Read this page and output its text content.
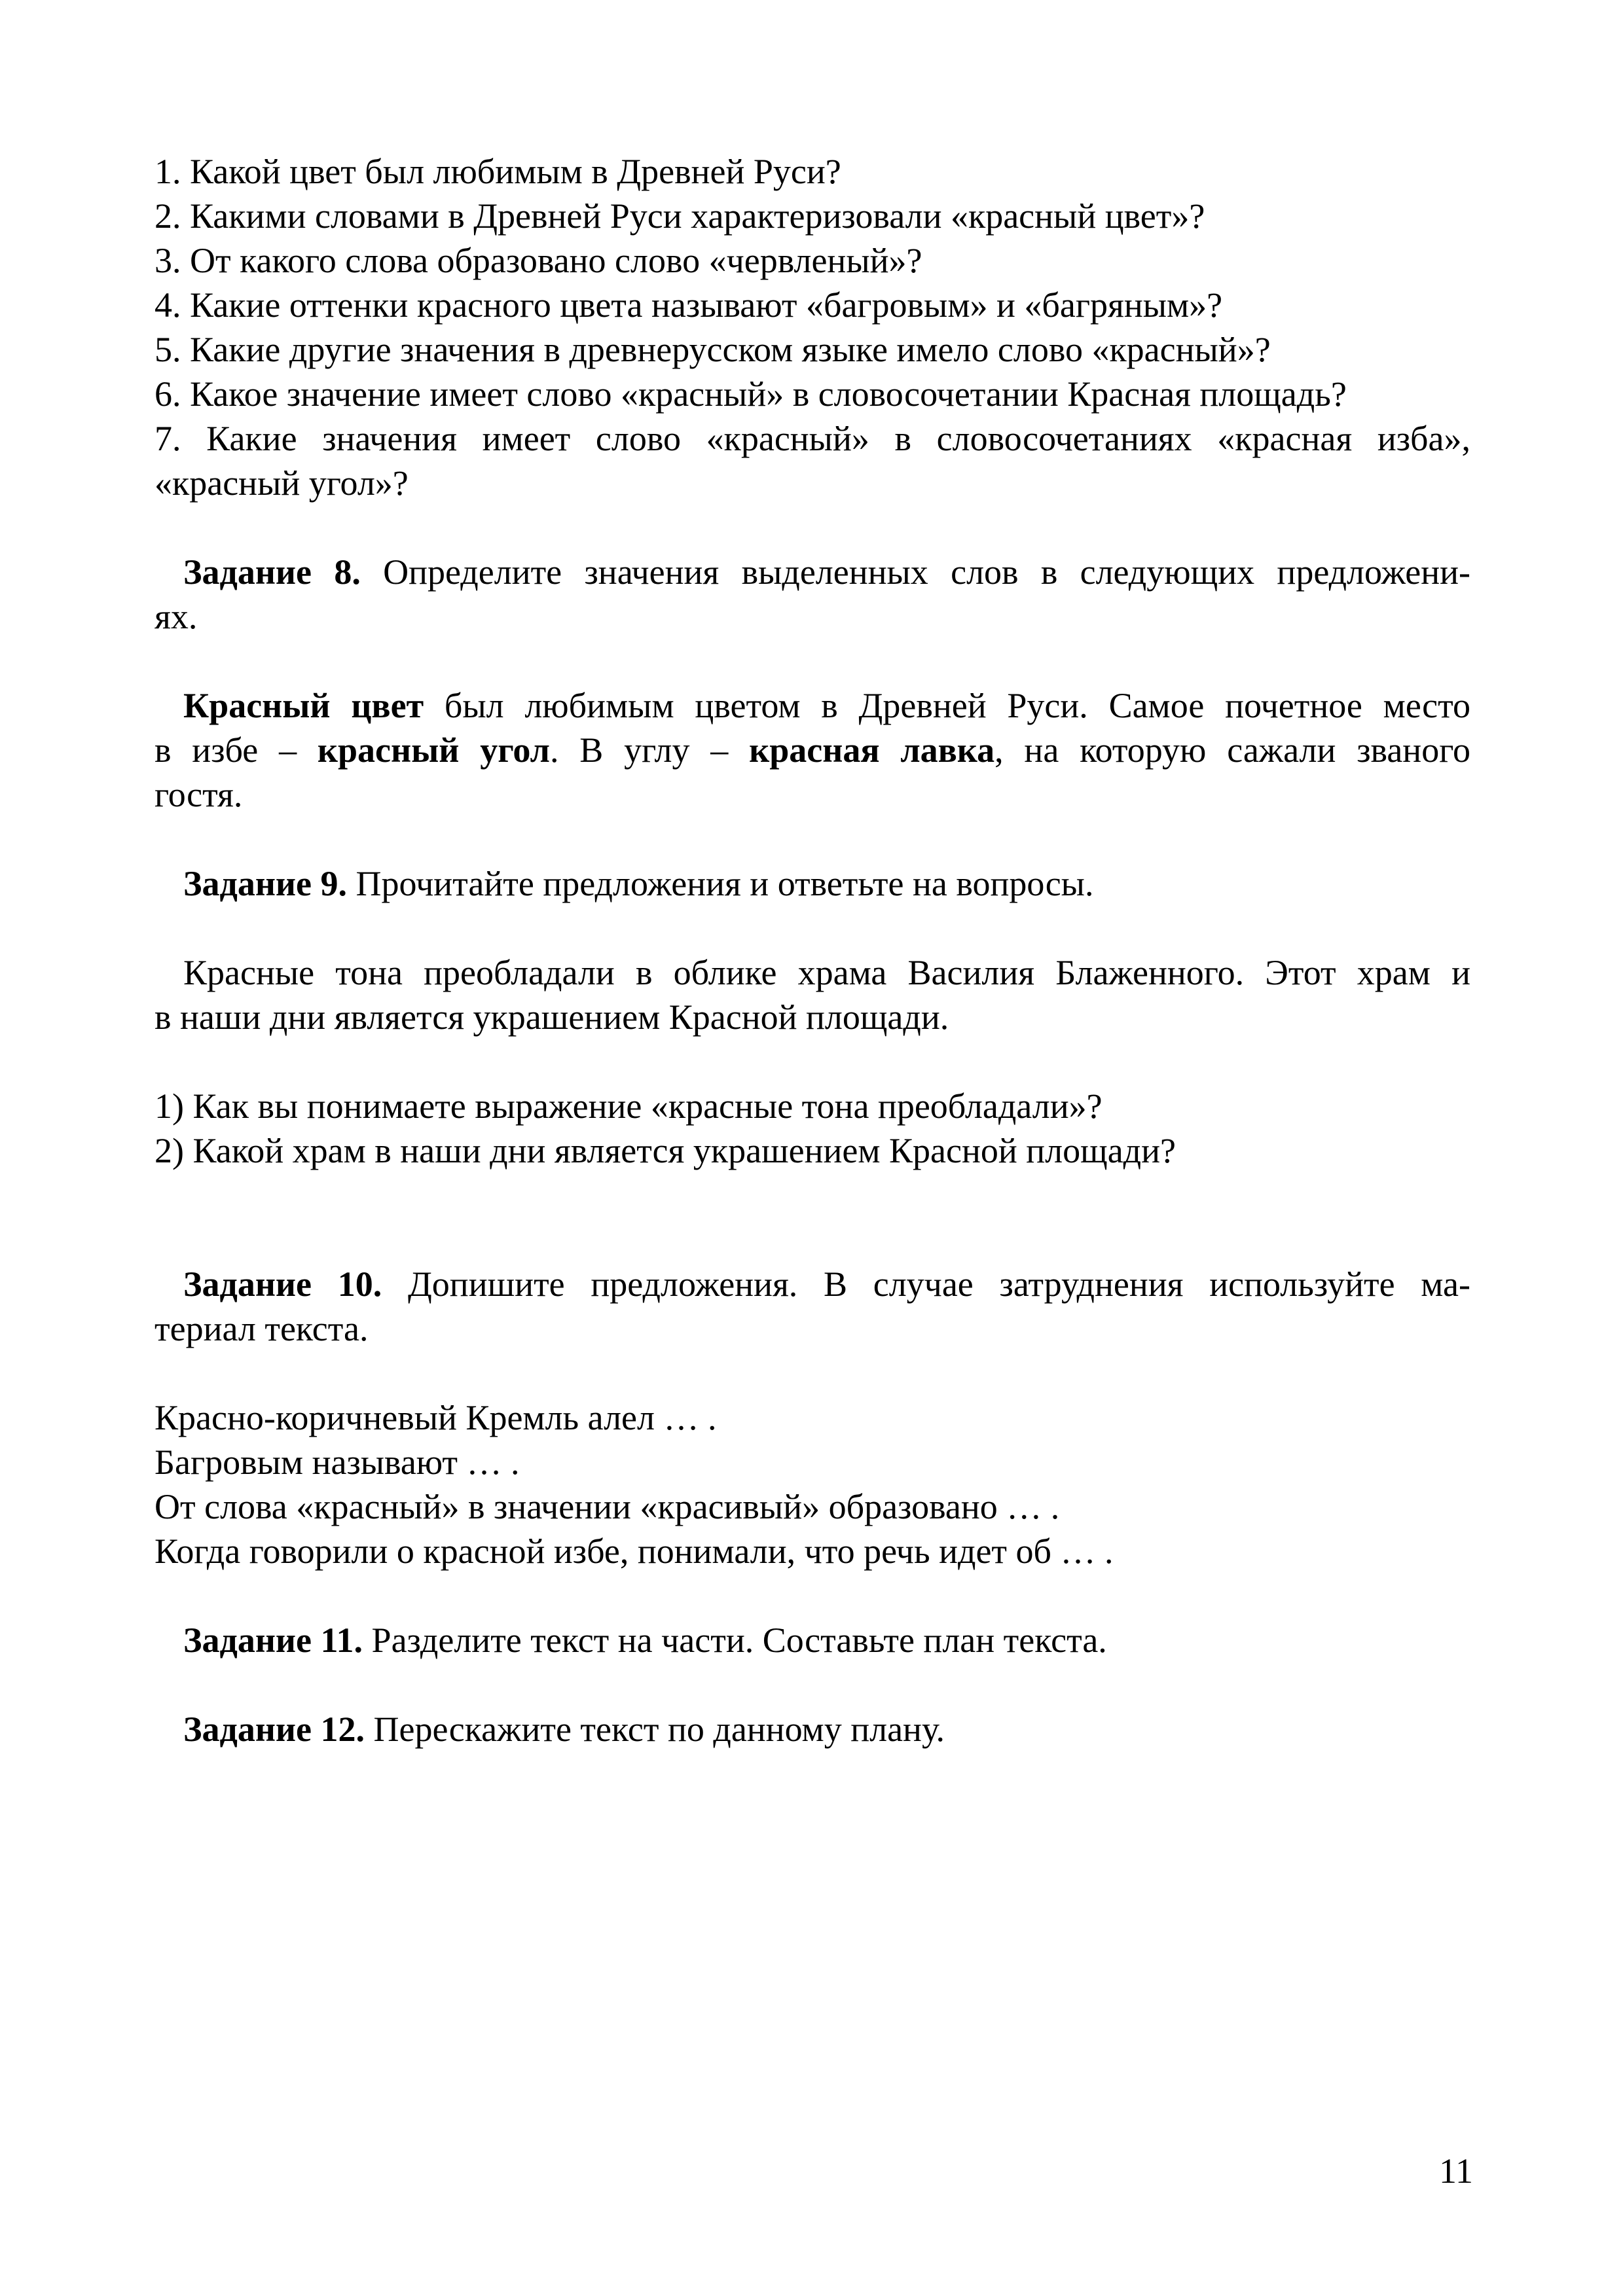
1. Какой цвет был любимым в Древней Руси?
2. Какими словами в Древней Руси характеризовали «красный цвет»?
3. От какого слова образовано слово «червленый»?
4. Какие оттенки красного цвета называют «багровым» и «багряным»?
5. Какие другие значения в древнерусском языке имело слово «красный»?
6. Какое значение имеет слово «красный» в словосочетании Красная площадь?
7. Какие значения имеет слово «красный» в словосочетаниях «красная изба»,
«красный угол»?
Задание 8. Определите значения выделенных слов в следующих предложени-
ях.
Красный цвет был любимым цветом в Древней Руси. Самое почетное место
в избе – красный угол. В углу – красная лавка, на которую сажали званого
гостя.
Задание 9. Прочитайте предложения и ответьте на вопросы.
Красные тона преобладали в облике храма Василия Блаженного. Этот храм и
в наши дни является украшением Красной площади.
1) Как вы понимаете выражение «красные тона преобладали»?
2) Какой храм в наши дни является украшением Красной площади?
Задание 10. Допишите предложения. В случае затруднения используйте ма-
териал текста.
Красно-коричневый Кремль алел … .
Багровым называют … .
От слова «красный» в значении «красивый» образовано … .
Когда говорили о красной избе, понимали, что речь идет об … .
Задание 11. Разделите текст на части. Составьте план текста.
Задание 12. Перескажите текст по данному плану.
11
